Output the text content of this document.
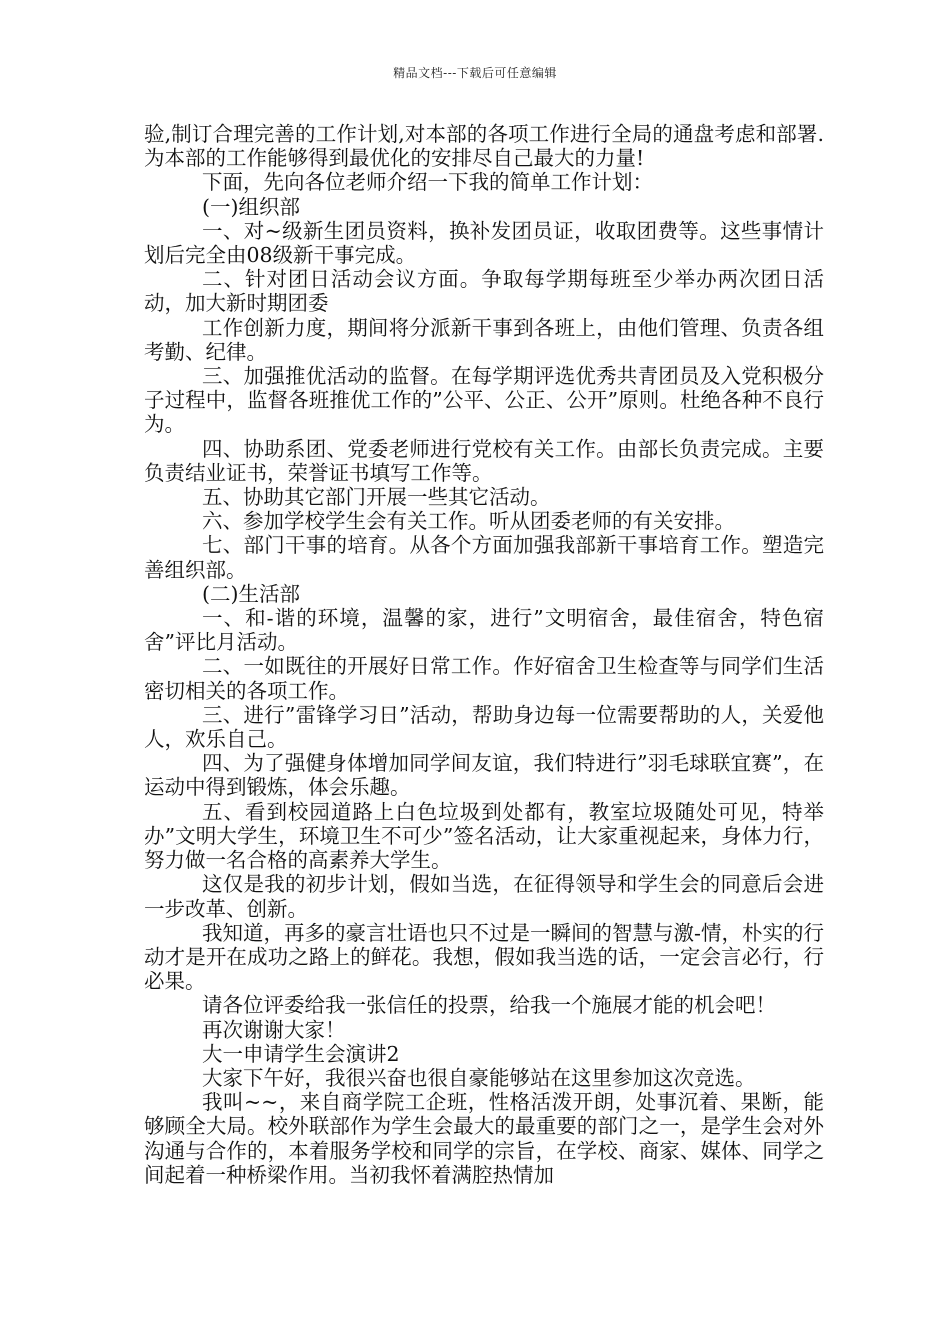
精品文档---下载后可任意编辑

验,制订合理完善的工作计划,对本部的各项工作进行全局的通盘考虑和部署.为本部的工作能够得到最优化的安排尽自己最大的力量!

下面，先向各位老师介绍一下我的简单工作计划：

(一)组织部

一、对~级新生团员资料，换补发团员证，收取团费等。这些事情计划后完全由08级新干事完成。

二、针对团日活动会议方面。争取每学期每班至少举办两次团日活动，加大新时期团委

工作创新力度，期间将分派新干事到各班上，由他们管理、负责各组考勤、纪律。

三、加强推优活动的监督。在每学期评选优秀共青团员及入党积极分子过程中，监督各班推优工作的”公平、公正、公开”原则。杜绝各种不良行为。

四、协助系团、党委老师进行党校有关工作。由部长负责完成。主要负责结业证书，荣誉证书填写工作等。

五、协助其它部门开展一些其它活动。

六、参加学校学生会有关工作。听从团委老师的有关安排。

七、部门干事的培育。从各个方面加强我部新干事培育工作。塑造完善组织部。

(二)生活部

一、和-谐的环境，温馨的家，进行”文明宿舍，最佳宿舍，特色宿舍”评比月活动。

二、一如既往的开展好日常工作。作好宿舍卫生检查等与同学们生活密切相关的各项工作。

三、进行”雷锋学习日”活动，帮助身边每一位需要帮助的人，关爱他人，欢乐自己。

四、为了强健身体增加同学间友谊，我们特进行”羽毛球联宜赛”，在运动中得到锻炼，体会乐趣。

五、看到校园道路上白色垃圾到处都有，教室垃圾随处可见，特举办”文明大学生，环境卫生不可少”签名活动，让大家重视起来，身体力行，努力做一名合格的高素养大学生。

这仅是我的初步计划，假如当选，在征得领导和学生会的同意后会进一步改革、创新。

我知道，再多的豪言壮语也只不过是一瞬间的智慧与激-情，朴实的行动才是开在成功之路上的鲜花。我想，假如我当选的话，一定会言必行，行必果。

请各位评委给我一张信任的投票，给我一个施展才能的机会吧！

再次谢谢大家！

大一申请学生会演讲2

大家下午好，我很兴奋也很自豪能够站在这里参加这次竞选。

我叫~~，来自商学院工企班，性格活泼开朗，处事沉着、果断，能够顾全大局。校外联部作为学生会最大的最重要的部门之一，是学生会对外沟通与合作的，本着服务学校和同学的宗旨，在学校、商家、媒体、同学之间起着一种桥梁作用。当初我怀着满腔热情加
